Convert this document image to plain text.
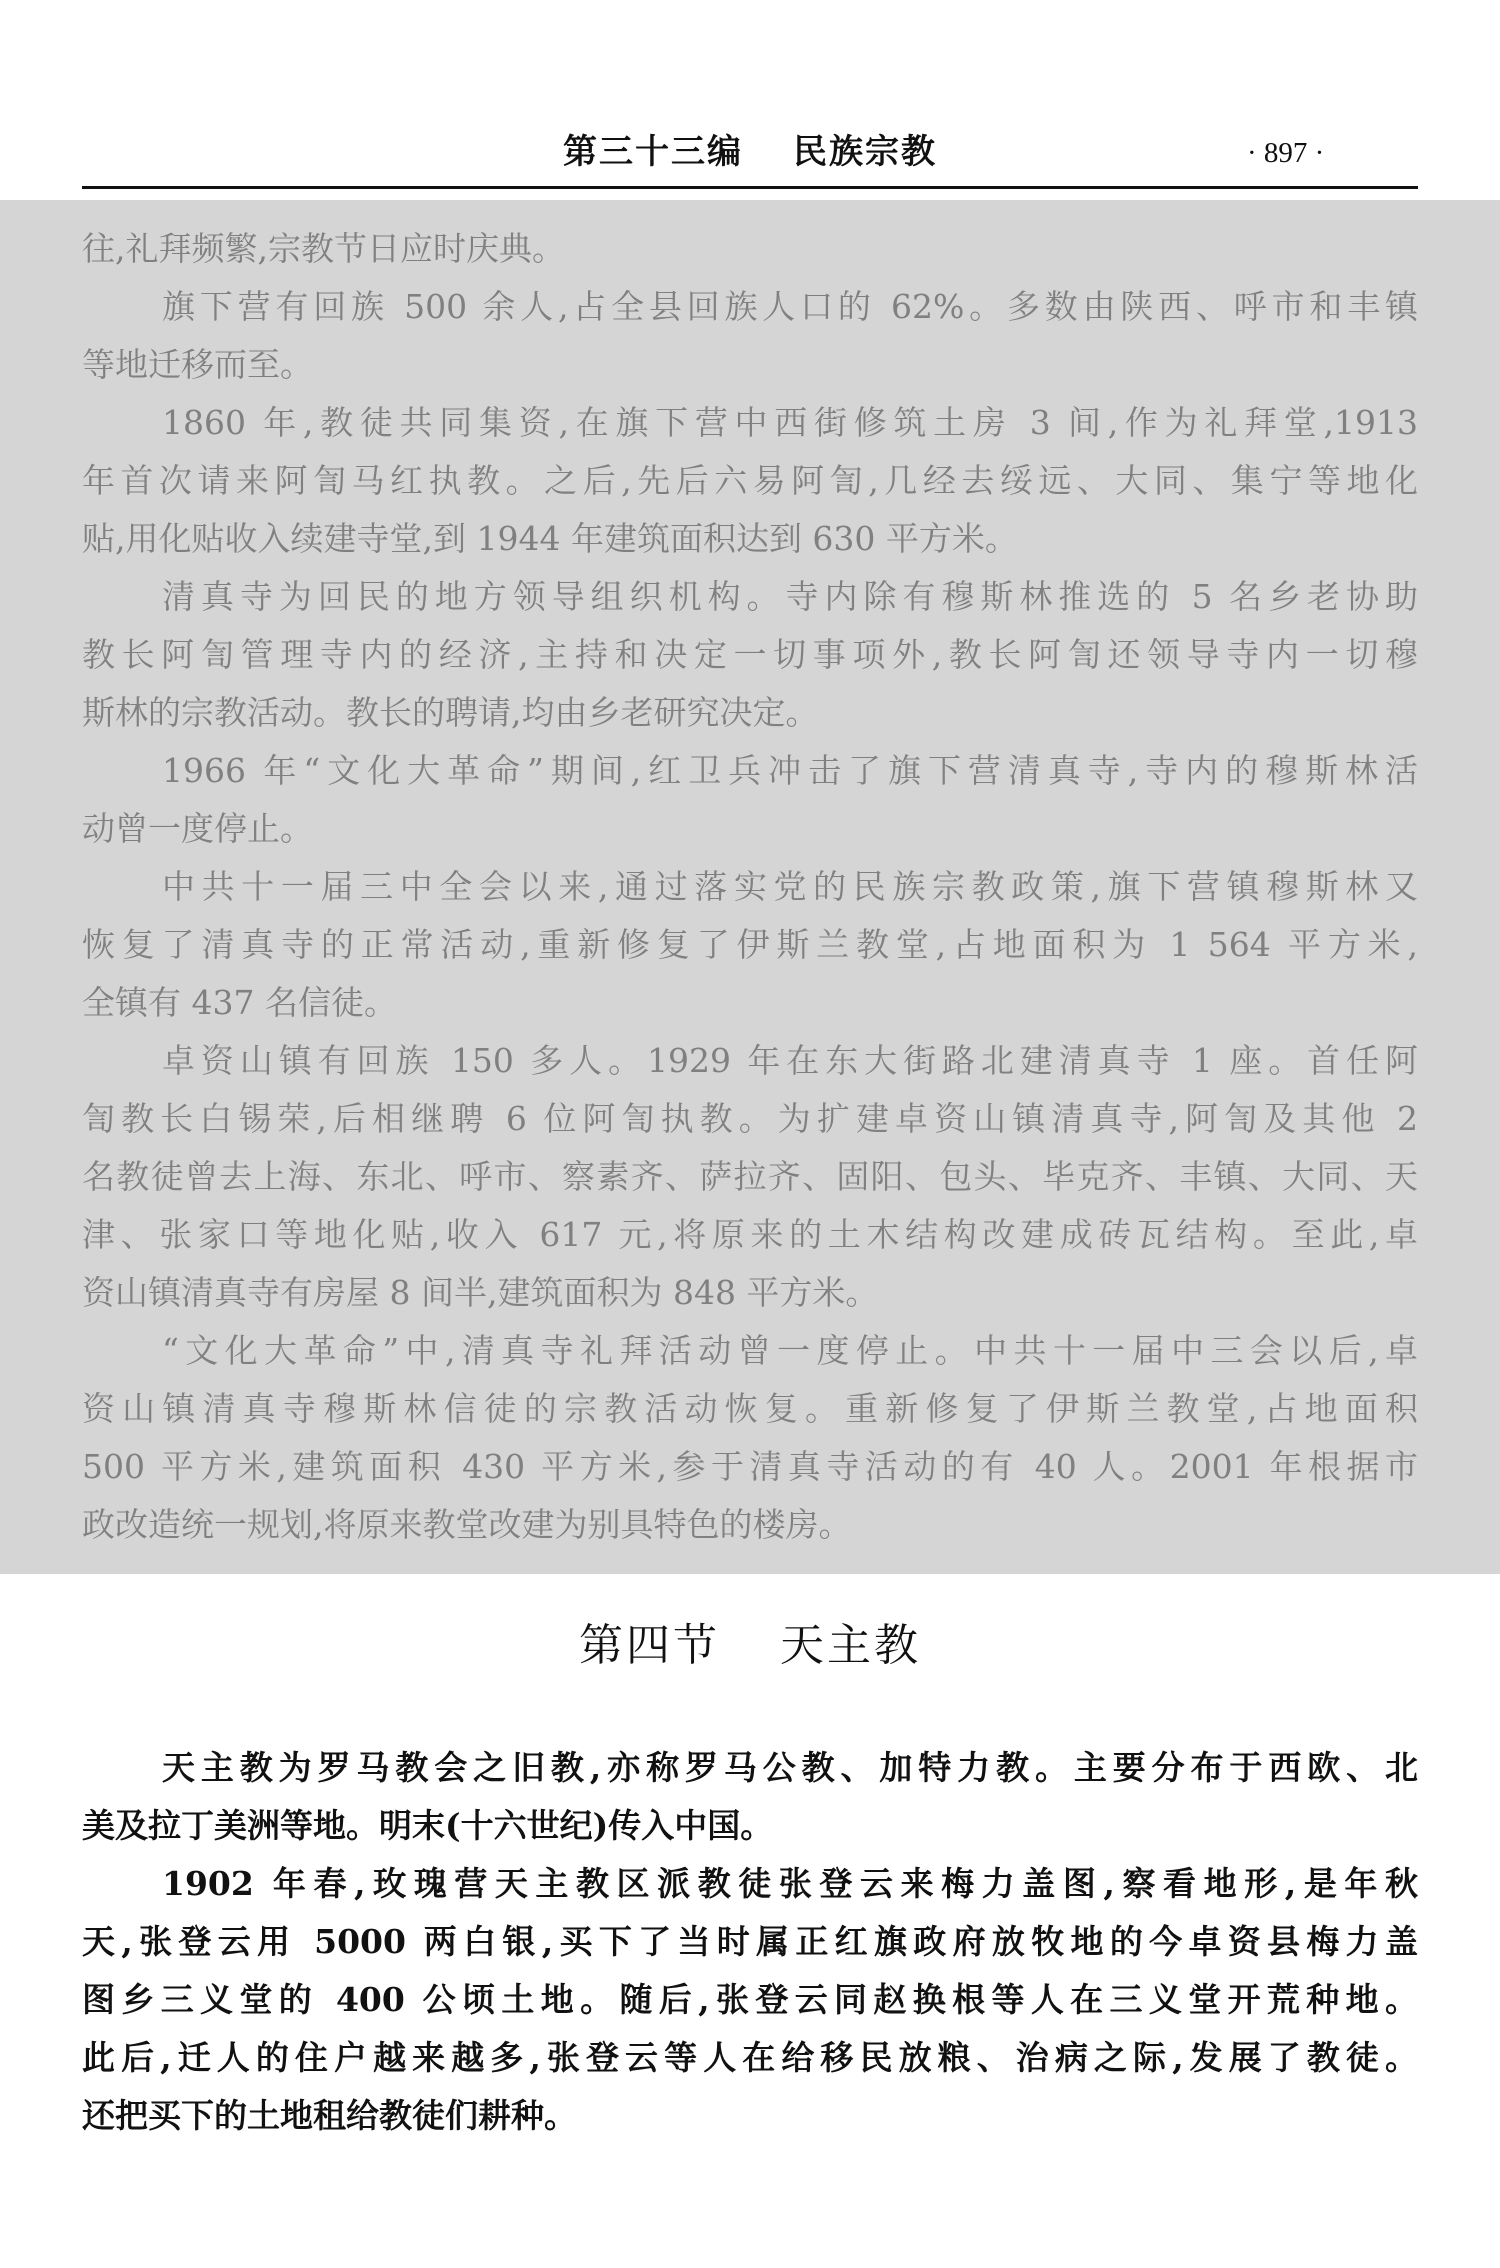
第三十三编 民族宗教	· 897 ·
往,礼拜频繁,宗教节日应时庆典。
旗下营有回族 500 余人,占全县回族人口的 62%。多数由陕西、呼市和丰镇
等地迁移而至。
1860 年,教徒共同集资,在旗下营中西街修筑土房 3 间,作为礼拜堂,1913
年首次请来阿訇马红执教。之后,先后六易阿訇,几经去绥远、大同、集宁等地化
贴,用化贴收入续建寺堂,到 1944 年建筑面积达到 630 平方米。
清真寺为回民的地方领导组织机构。寺内除有穆斯林推选的 5 名乡老协助
教长阿訇管理寺内的经济,主持和决定一切事项外,教长阿訇还领导寺内一切穆
斯林的宗教活动。教长的聘请,均由乡老研究决定。
1966 年“文化大革命”期间,红卫兵冲击了旗下营清真寺,寺内的穆斯林活
动曾一度停止。
中共十一届三中全会以来,通过落实党的民族宗教政策,旗下营镇穆斯林又
恢复了清真寺的正常活动,重新修复了伊斯兰教堂,占地面积为 1 564 平方米,
全镇有 437 名信徒。
卓资山镇有回族 150 多人。1929 年在东大街路北建清真寺 1 座。首任阿
訇教长白锡荣,后相继聘 6 位阿訇执教。为扩建卓资山镇清真寺,阿訇及其他 2
名教徒曾去上海、东北、呼市、察素齐、萨拉齐、固阳、包头、毕克齐、丰镇、大同、天
津、张家口等地化贴,收入 617 元,将原来的土木结构改建成砖瓦结构。至此,卓
资山镇清真寺有房屋 8 间半,建筑面积为 848 平方米。
“文化大革命”中,清真寺礼拜活动曾一度停止。中共十一届中三会以后,卓
资山镇清真寺穆斯林信徒的宗教活动恢复。重新修复了伊斯兰教堂,占地面积
500 平方米,建筑面积 430 平方米,参于清真寺活动的有 40 人。2001 年根据市
政改造统一规划,将原来教堂改建为别具特色的楼房。
第四节 天主教
天主教为罗马教会之旧教,亦称罗马公教、加特力教。主要分布于西欧、北
美及拉丁美洲等地。明末(十六世纪)传入中国。
1902 年春,玫瑰营天主教区派教徒张登云来梅力盖图,察看地形,是年秋
天,张登云用 5000 两白银,买下了当时属正红旗政府放牧地的今卓资县梅力盖
图乡三义堂的 400 公顷土地。随后,张登云同赵换根等人在三义堂开荒种地。
此后,迁人的住户越来越多,张登云等人在给移民放粮、治病之际,发展了教徒。
还把买下的土地租给教徒们耕种。
